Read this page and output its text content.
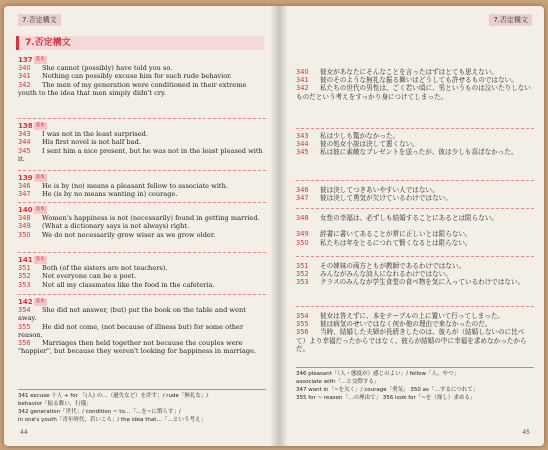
7.否定構文
7.否定構文
137 基本
340 She cannot (possibly) have told you so.
341 Nothing can possibly excuse him for such rude behavior.
342 The men of my generation were conditioned in their extreme youth to the idea that men simply didn't cry.
138 基本
343 I was not in the least surprised.
344 His first novel is not half bad.
345 I sent him a nice present, but he was not in the least pleased with it.
139 基本
346 He is by (no) means a pleasant fellow to associate with.
347 He (is by no means wanting in) courage.
140 基本
348 Women's happiness is not (necessarily) found in getting married.
349 (What a dictionary says is not always) right.
350 We do not necessarily grow wiser as we grow older.
141 基本
351 Both (of the sisters are not teachers).
352 Not everyone can be a poet.
353 Not all my classmates like the food in the cafeteria.
142 基本
354 She did not answer, (but) put the book on the table and went away.
355 He did not come, (not because of illness but) for some other reason.
356 Marriages then held together not because the couples were "happier", but because they weren't looking for happiness in marriage.
341 excuse 十人 + for 「(人) の…（過失など）を許す」/ rude「無礼な」/
behavior「振る舞い，行儀」
342 generation「世代」/ condition ~ to…「…を~に慣らす」/
in one's youth「青年時代，若いころ」/ the idea that…「…という考え」
44
7.否定構文
340 彼女があなたにそんなことを言ったはずはとても思えない。
341 彼のそのような無礼な振る舞いはどうしても許せるものではない。
342 私たちの世代の男性は、ごく若い頃に、男というものは泣いたりしないものだという考えをすっかり身につけてしまった。
343 私は少しも驚かなかった。
344 彼の処女小説は決して悪くない。
345 私は彼に素敵なプレゼントを送ったが、彼は少しも喜ばなかった。
346 彼は決してつきあいやすい人ではない。
347 彼は決して勇気が欠けているわけではない。
348 女性の幸福は、必ずしも結婚することにあるとは限らない。

349 辞書に書いてあることが常に正しいとは限らない。
350 私たちは年をとるにつれて賢くなるとは限らない。
351 その姉妹の両方ともが教師であるわけではない。
352 みんながみんな詩人になれるわけではない。
353 クラスのみんなが学生食堂の食べ物を気に入っているわけではない。
354 彼女は答えずに、本をテーブルの上に置いて行ってしまった。
355 彼は病気のせいではなく何か他の理由で来なかったのだ。
356 当時、結婚した夫婦が長続きしたのは、彼らが（結婚しないのに比べて）より幸福だったからではなく、彼らが結婚の中に幸福を求めなかったからだ。
346 pleasant「（人・態度が）感じのよい」/ fellow「人、やつ」
associate with「…と交際する」
347 want in「~を欠く」/ courage「勇気」 350 as「…するにつれて」
355 for ~ reason「…の理由で」 356 look for「~を（探し）求める」
45
